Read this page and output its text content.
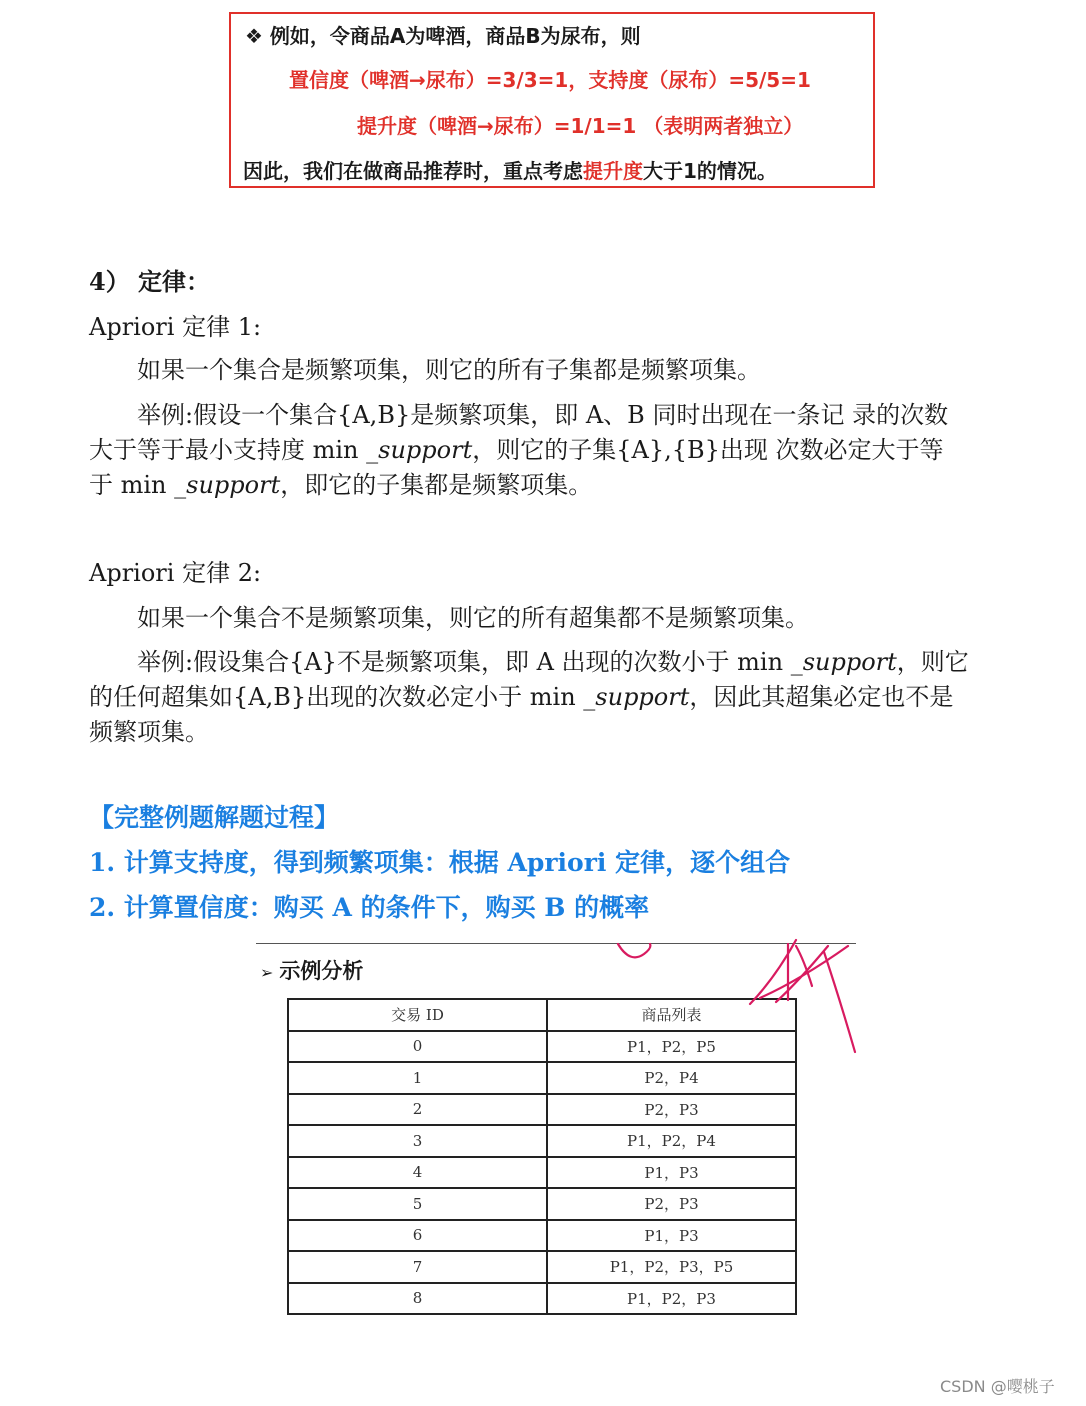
❖ 例如，令商品A为啤酒，商品B为尿布，则
置信度（啤酒→尿布）=3/3=1，支持度（尿布）=5/5=1
提升度（啤酒→尿布）=1/1=1 （表明两者独立）
因此，我们在做商品推荐时，重点考虑提升度大于1的情况。
4） 定律：
Apriori 定律 1:
如果一个集合是频繁项集，则它的所有子集都是频繁项集。
举例:假设一个集合{A,B}是频繁项集，即 A、B 同时出现在一条记 录的次数
大于等于最小支持度 min _support，则它的子集{A},{B}出现 次数必定大于等
于 min _support，即它的子集都是频繁项集。
Apriori 定律 2:
如果一个集合不是频繁项集，则它的所有超集都不是频繁项集。
举例:假设集合{A}不是频繁项集，即 A 出现的次数小于 min _support，则它
的任何超集如{A,B}出现的次数必定小于 min _support，因此其超集必定也不是
频繁项集。
【完整例题解题过程】
1. 计算支持度，得到频繁项集：根据 Apriori 定律，逐个组合
2. 计算置信度：购买 A 的条件下，购买 B 的概率
➢ 示例分析
交易 ID	商品列表
0	P1，P2，P5
1	P2，P4
2	P2，P3
3	P1，P2，P4
4	P1，P3
5	P2，P3
6	P1，P3
7	P1，P2，P3，P5
8	P1，P2，P3
CSDN @嘤桃子
